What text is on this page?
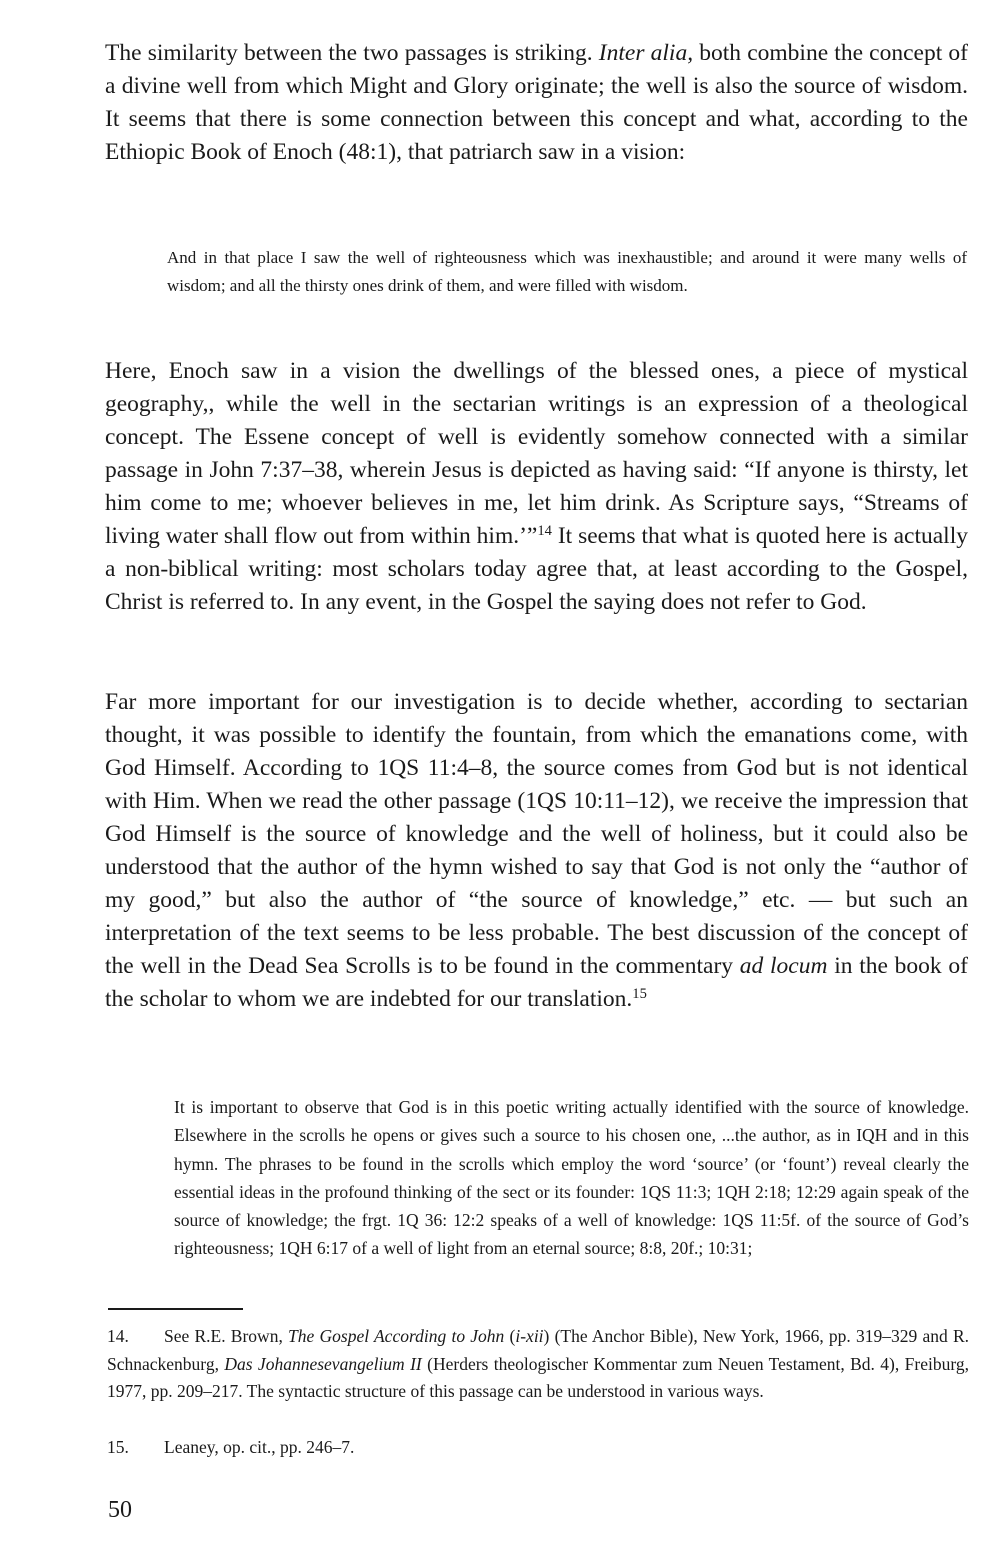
The similarity between the two passages is striking. Inter alia, both combine the concept of a divine well from which Might and Glory originate; the well is also the source of wisdom. It seems that there is some connection between this concept and what, according to the Ethiopic Book of Enoch (48:1), that patriarch saw in a vision:

And in that place I saw the well of righteousness which was inexhaustible; and around it were many wells of wisdom; and all the thirsty ones drink of them, and were filled with wisdom.

Here, Enoch saw in a vision the dwellings of the blessed ones, a piece of mystical geography,, while the well in the sectarian writings is an expression of a theological concept. The Essene concept of well is evidently somehow connected with a similar passage in John 7:37–38, wherein Jesus is depicted as having said: “If anyone is thirsty, let him come to me; whoever believes in me, let him drink. As Scripture says, “Streams of living water shall flow out from within him.’”$^{14}$ It seems that what is quoted here is actually a non-biblical writing: most scholars today agree that, at least according to the Gospel, Christ is referred to. In any event, in the Gospel the saying does not refer to God.

Far more important for our investigation is to decide whether, according to sectarian thought, it was possible to identify the fountain, from which the emanations come, with God Himself. According to 1QS 11:4–8, the source comes from God but is not identical with Him. When we read the other passage (1QS 10:11–12), we receive the impression that God Himself is the source of knowledge and the well of holiness, but it could also be understood that the author of the hymn wished to say that God is not only the “author of my good,” but also the author of “the source of knowledge,” etc. — but such an interpretation of the text seems to be less probable. The best discussion of the concept of the well in the Dead Sea Scrolls is to be found in the commentary ad locum in the book of the scholar to whom we are indebted for our translation.$^{15}$

It is important to observe that God is in this poetic writing actually identified with the source of knowledge. Elsewhere in the scrolls he opens or gives such a source to his chosen one, ...the author, as in IQH and in this hymn. The phrases to be found in the scrolls which employ the word ‘source’ (or ‘fount’) reveal clearly the essential ideas in the profound thinking of the sect or its founder: 1QS 11:3; 1QH 2:18; 12:29 again speak of the source of knowledge; the frgt. 1Q 36: 12:2 speaks of a well of knowledge: 1QS 11:5f. of the source of God’s righteousness; 1QH 6:17 of a well of light from an eternal source; 8:8, 20f.; 10:31;

14. See R.E. Brown, The Gospel According to John (i-xii) (The Anchor Bible), New York, 1966, pp. 319–329 and R. Schnackenburg, Das Johannesevangelium II (Herders theologischer Kommentar zum Neuen Testament, Bd. 4), Freiburg, 1977, pp. 209–217. The syntactic structure of this passage can be understood in various ways.

15. Leaney, op. cit., pp. 246–7.

50
